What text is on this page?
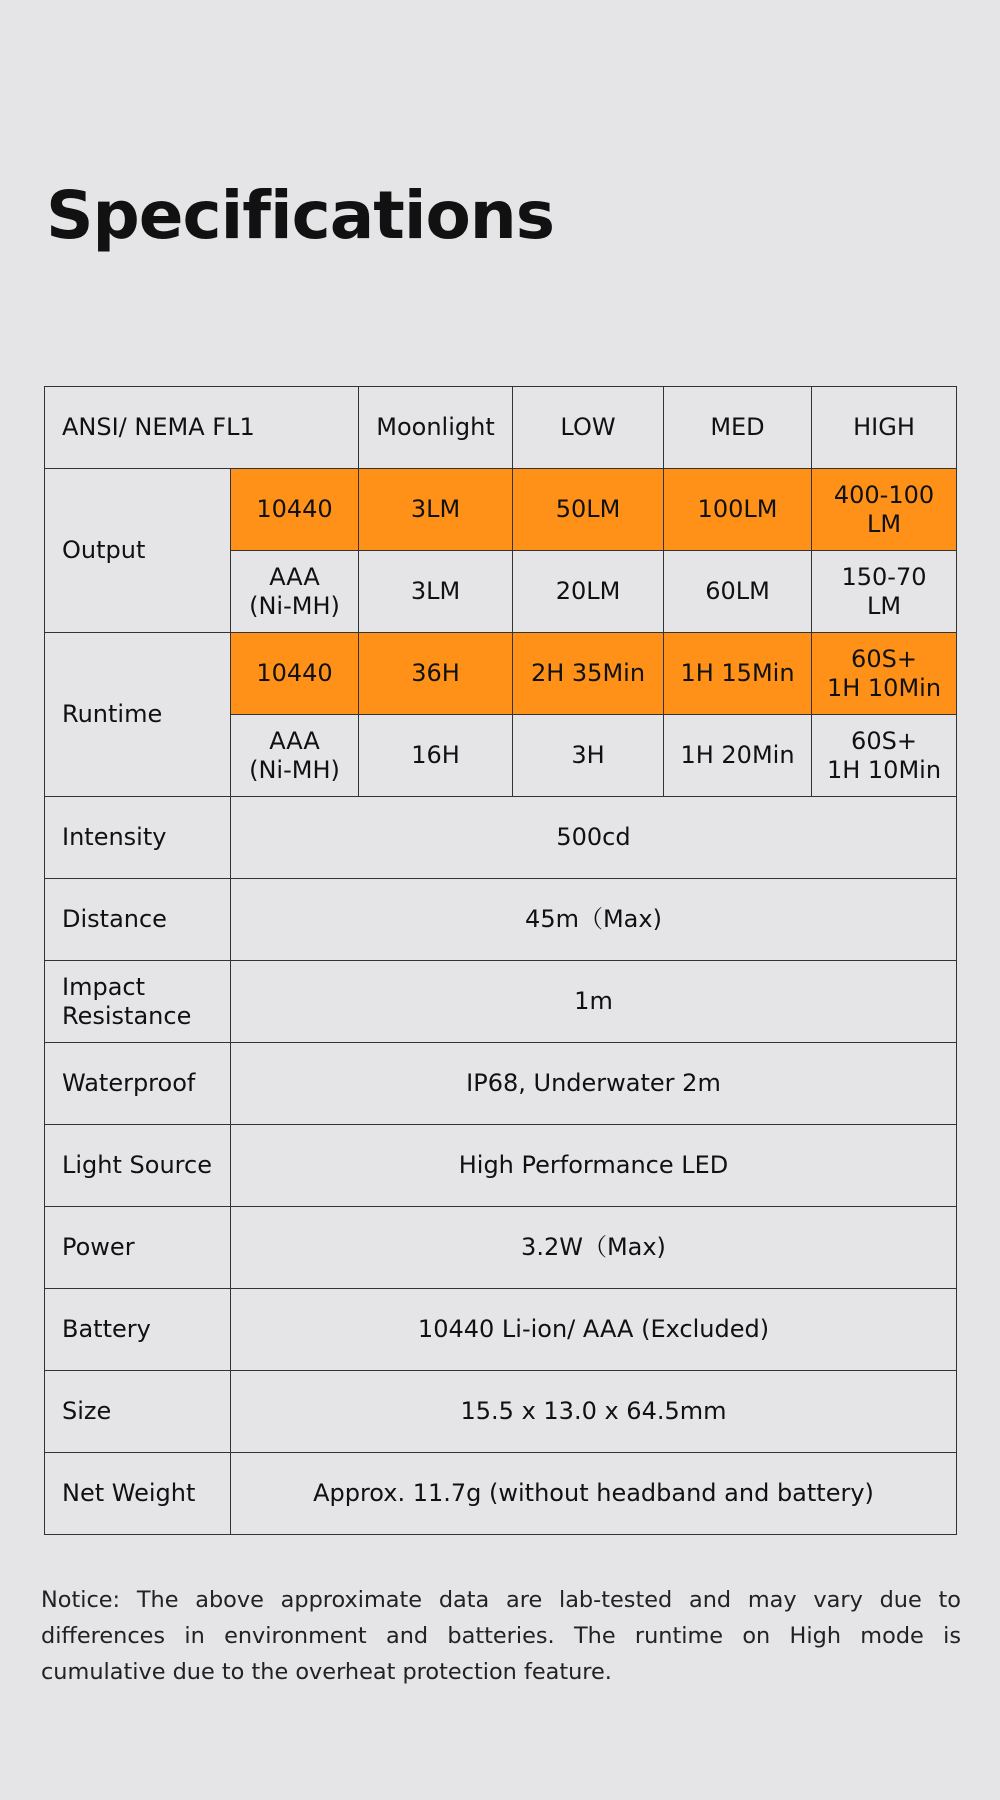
Specifications
ANSI/ NEMA FL1		Moonlight	LOW	MED	HIGH
Output	10440	3LM	50LM	100LM	400-100
LM
	AAA
(Ni-MH)	3LM	20LM	60LM	150-70
LM
Runtime	10440	36H	2H 35Min	1H 15Min	60S+
1H 10Min
	AAA
(Ni-MH)	16H	3H	1H 20Min	60S+
1H 10Min
Intensity	500cd				
Distance	45m（Max)				
Impact
Resistance	1m				
Waterproof	IP68, Underwater 2m				
Light Source	High Performance LED				
Power	3.2W（Max)				
Battery	10440 Li-ion/ AAA (Excluded)				
Size	15.5 x 13.0 x 64.5mm				
Net Weight	Approx. 11.7g (without headband and battery)				

Notice: The above approximate data are lab-tested and may vary due to differences in environment and batteries. The runtime on High mode is cumulative due to the overheat protection feature.
